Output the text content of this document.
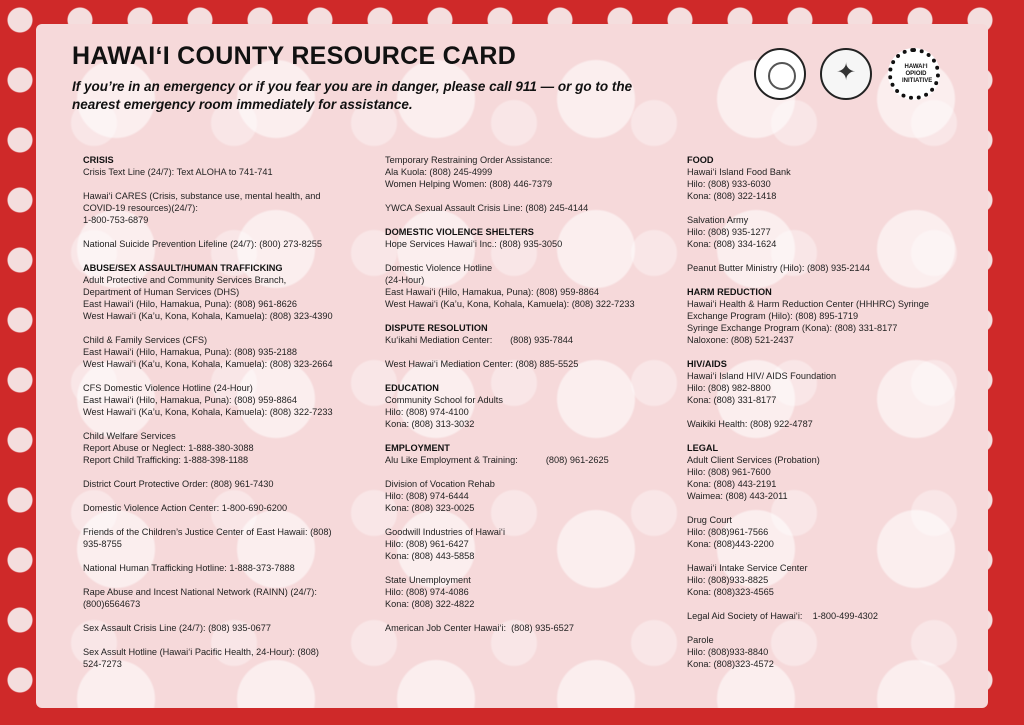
HAWAIʻI COUNTY RESOURCE CARD

If you’re in an emergency or if you fear you are in danger, please call 911 — or go to the nearest emergency room immediately for assistance.

✦
HAWAIʻI OPIOID INITIATIVE
CRISIS
Crisis Text Line (24/7): Text ALOHA to 741-741
Hawaiʻi CARES (Crisis, substance use, mental health, and
COVID-19 resources)(24/7):
1-800-753-6879
National Suicide Prevention Lifeline (24/7): (800) 273-8255
ABUSE/SEX ASSAULT/HUMAN TRAFFICKING
Adult Protective and Community Services Branch,
Department of Human Services (DHS)
East Hawaiʻi (Hilo, Hamakua, Puna): (808) 961-8626
West Hawaiʻi (Ka’u, Kona, Kohala, Kamuela): (808) 323-4390
Child & Family Services (CFS)
East Hawaiʻi (Hilo, Hamakua, Puna): (808) 935-2188
West Hawaiʻi (Ka’u, Kona, Kohala, Kamuela): (808) 323-2664
CFS Domestic Violence Hotline (24-Hour)
East Hawaiʻi (Hilo, Hamakua, Puna): (808) 959-8864
West Hawaiʻi (Ka’u, Kona, Kohala, Kamuela): (808) 322-7233
Child Welfare Services
Report Abuse or Neglect: 1-888-380-3088
Report Child Trafficking: 1-888-398-1188
District Court Protective Order: (808) 961-7430
Domestic Violence Action Center: 1-800-690-6200
Friends of the Children’s Justice Center of East Hawaii: (808)
935-8755
National Human Trafficking Hotline: 1-888-373-7888
Rape Abuse and Incest National Network (RAINN) (24/7):
(800)6564673
Sex Assault Crisis Line (24/7): (808) 935-0677
Sex Assult Hotline (Hawaiʻi Pacific Health, 24-Hour): (808)
524-7273
Temporary Restraining Order Assistance:
Ala Kuola: (808) 245-4999
Women Helping Women: (808) 446-7379
YWCA Sexual Assault Crisis Line: (808) 245-4144
DOMESTIC VIOLENCE SHELTERS
Hope Services Hawaiʻi Inc.: (808) 935-3050
Domestic Violence Hotline
(24-Hour)
East Hawaiʻi (Hilo, Hamakua, Puna): (808) 959-8864
West Hawaiʻi (Ka’u, Kona, Kohala, Kamuela): (808) 322-7233
DISPUTE RESOLUTION
Kuʻikahi Mediation Center:       (808) 935-7844
West Hawaiʻi Mediation Center: (808) 885-5525
EDUCATION
Community School for Adults
Hilo: (808) 974-4100
Kona: (808) 313-3032
EMPLOYMENT
Alu Like Employment & Training:           (808) 961-2625
Division of Vocation Rehab
Hilo: (808) 974-6444
Kona: (808) 323-0025
Goodwill Industries of Hawaiʻi
Hilo: (808) 961-6427
Kona: (808) 443-5858
State Unemployment
Hilo: (808) 974-4086
Kona: (808) 322-4822
American Job Center Hawaiʻi:  (808) 935-6527
FOOD
Hawaiʻi Island Food Bank
Hilo: (808) 933-6030
Kona: (808) 322-1418
Salvation Army
Hilo: (808) 935-1277
Kona: (808) 334-1624
Peanut Butter Ministry (Hilo): (808) 935-2144
HARM REDUCTION
Hawaiʻi Health & Harm Reduction Center (HHHRC) Syringe
Exchange Program (Hilo): (808) 895-1719
Syringe Exchange Program (Kona): (808) 331-8177
Naloxone: (808) 521-2437
HIV/AIDS
Hawaiʻi Island HIV/ AIDS Foundation
Hilo: (808) 982-8800
Kona: (808) 331-8177
Waikiki Health: (808) 922-4787
LEGAL
Adult Client Services (Probation)
Hilo: (808) 961-7600
Kona: (808) 443-2191
Waimea: (808) 443-2011
Drug Court
Hilo: (808)961-7566
Kona: (808)443-2200
Hawaiʻi Intake Service Center
Hilo: (808)933-8825
Kona: (808)323-4565
Legal Aid Society of Hawaiʻi:    1-800-499-4302
Parole
Hilo: (808)933-8840
Kona: (808)323-4572
